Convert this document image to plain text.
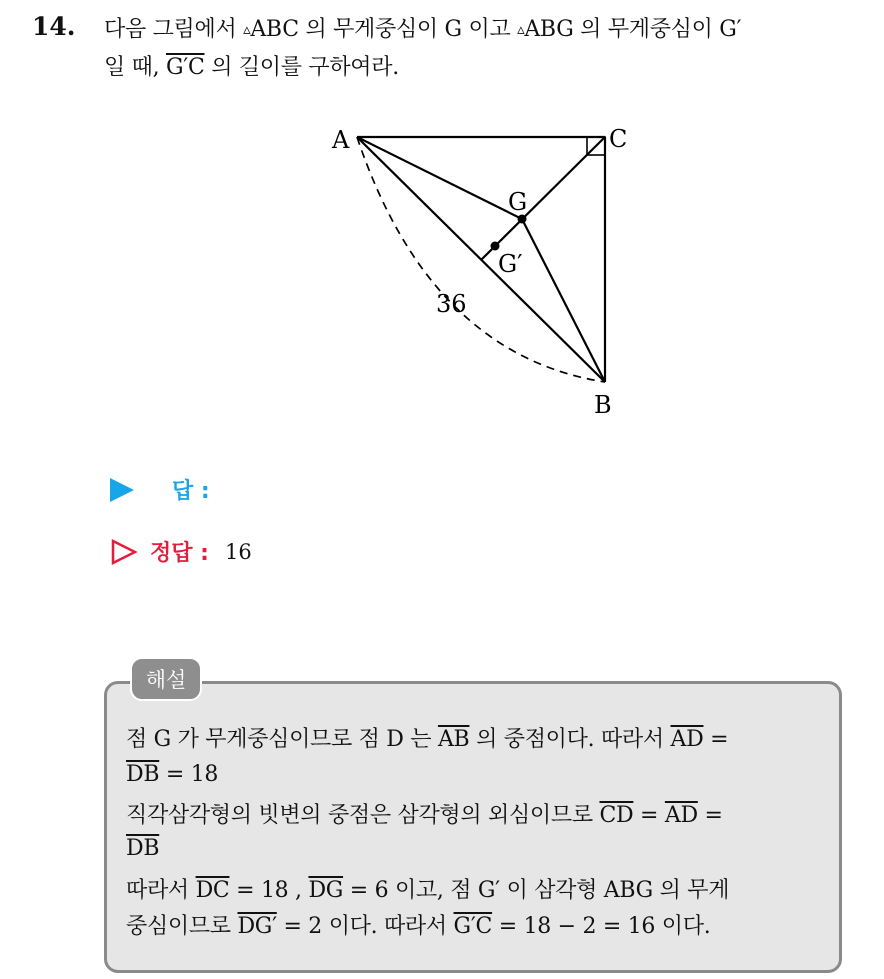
14. 다음 그림에서 ▵ABC 의 무게중심이 G 이고 ▵ABG 의 무게중심이 G′
일 때, G′C 의 길이를 구하여라.
A	C
G
G′
36
B
답 :
정답 : 16
해설
점 G 가 무게중심이므로 점 D 는 $\overline{AB}$ 의 중점이다. 따라서 $\overline{AD}$ =
$\overline{DB} = 18$
직각삼각형의 빗변의 중점은 삼각형의 외심이므로 $\overline{CD} = \overline{AD}$ =
$\overline{DB}$
따라서 $\overline{DC} = 18$ , $\overline{DG} = 6$ 이고, 점 G′ 이 삼각형 ABG 의 무게
중심이므로 DG′ = 2 이다. 따라서 G′C = 18 − 2 = 16 이다.
